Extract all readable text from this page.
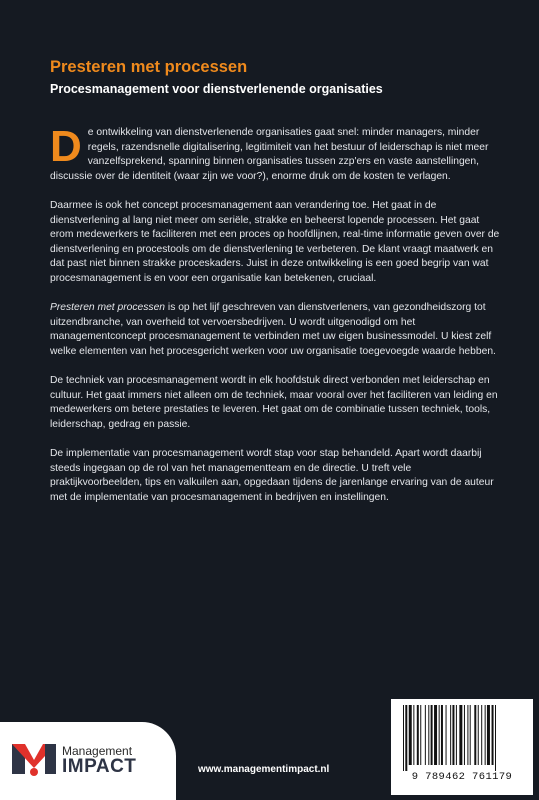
Presteren met processen
Procesmanagement voor dienstverlenende organisaties

De ontwikkeling van dienstverlenende organisaties gaat snel: minder managers, minder regels, razendsnelle digitalisering, legitimiteit van het bestuur of leiderschap is niet meer vanzelfsprekend, spanning binnen organisaties tussen zzp'ers en vaste aanstellingen, discussie over de identiteit (waar zijn we voor?), enorme druk om de kosten te verlagen.

Daarmee is ook het concept procesmanagement aan verandering toe. Het gaat in de dienstverlening al lang niet meer om seriële, strakke en beheerst lopende processen. Het gaat erom medewerkers te faciliteren met een proces op hoofdlijnen, real-time informatie geven over de dienstverlening en procestools om de dienstverlening te verbeteren. De klant vraagt maatwerk en dat past niet binnen strakke proceskaders. Juist in deze ontwikkeling is een goed begrip van wat procesmanagement is en voor een organisatie kan betekenen, cruciaal.

Presteren met processen is op het lijf geschreven van dienstverleners, van gezondheidszorg tot uitzendbranche, van overheid tot vervoersbedrijven. U wordt uitgenodigd om het managementconcept procesmanagement te verbinden met uw eigen businessmodel. U kiest zelf welke elementen van het procesgericht werken voor uw organisatie toegevoegde waarde hebben.

De techniek van procesmanagement wordt in elk hoofdstuk direct verbonden met leiderschap en cultuur. Het gaat immers niet alleen om de techniek, maar vooral over het faciliteren van leiding en medewerkers om betere prestaties te leveren. Het gaat om de combinatie tussen techniek, tools, leiderschap, gedrag en passie.

De implementatie van procesmanagement wordt stap voor stap behandeld. Apart wordt daarbij steeds ingegaan op de rol van het managementteam en de directie. U treft vele praktijkvoorbeelden, tips en valkuilen aan, opgedaan tijdens de jarenlange ervaring van de auteur met de implementatie van procesmanagement in bedrijven en instellingen.

Management
IMPACT	www.managementimpact.nl
9 789462 761179
